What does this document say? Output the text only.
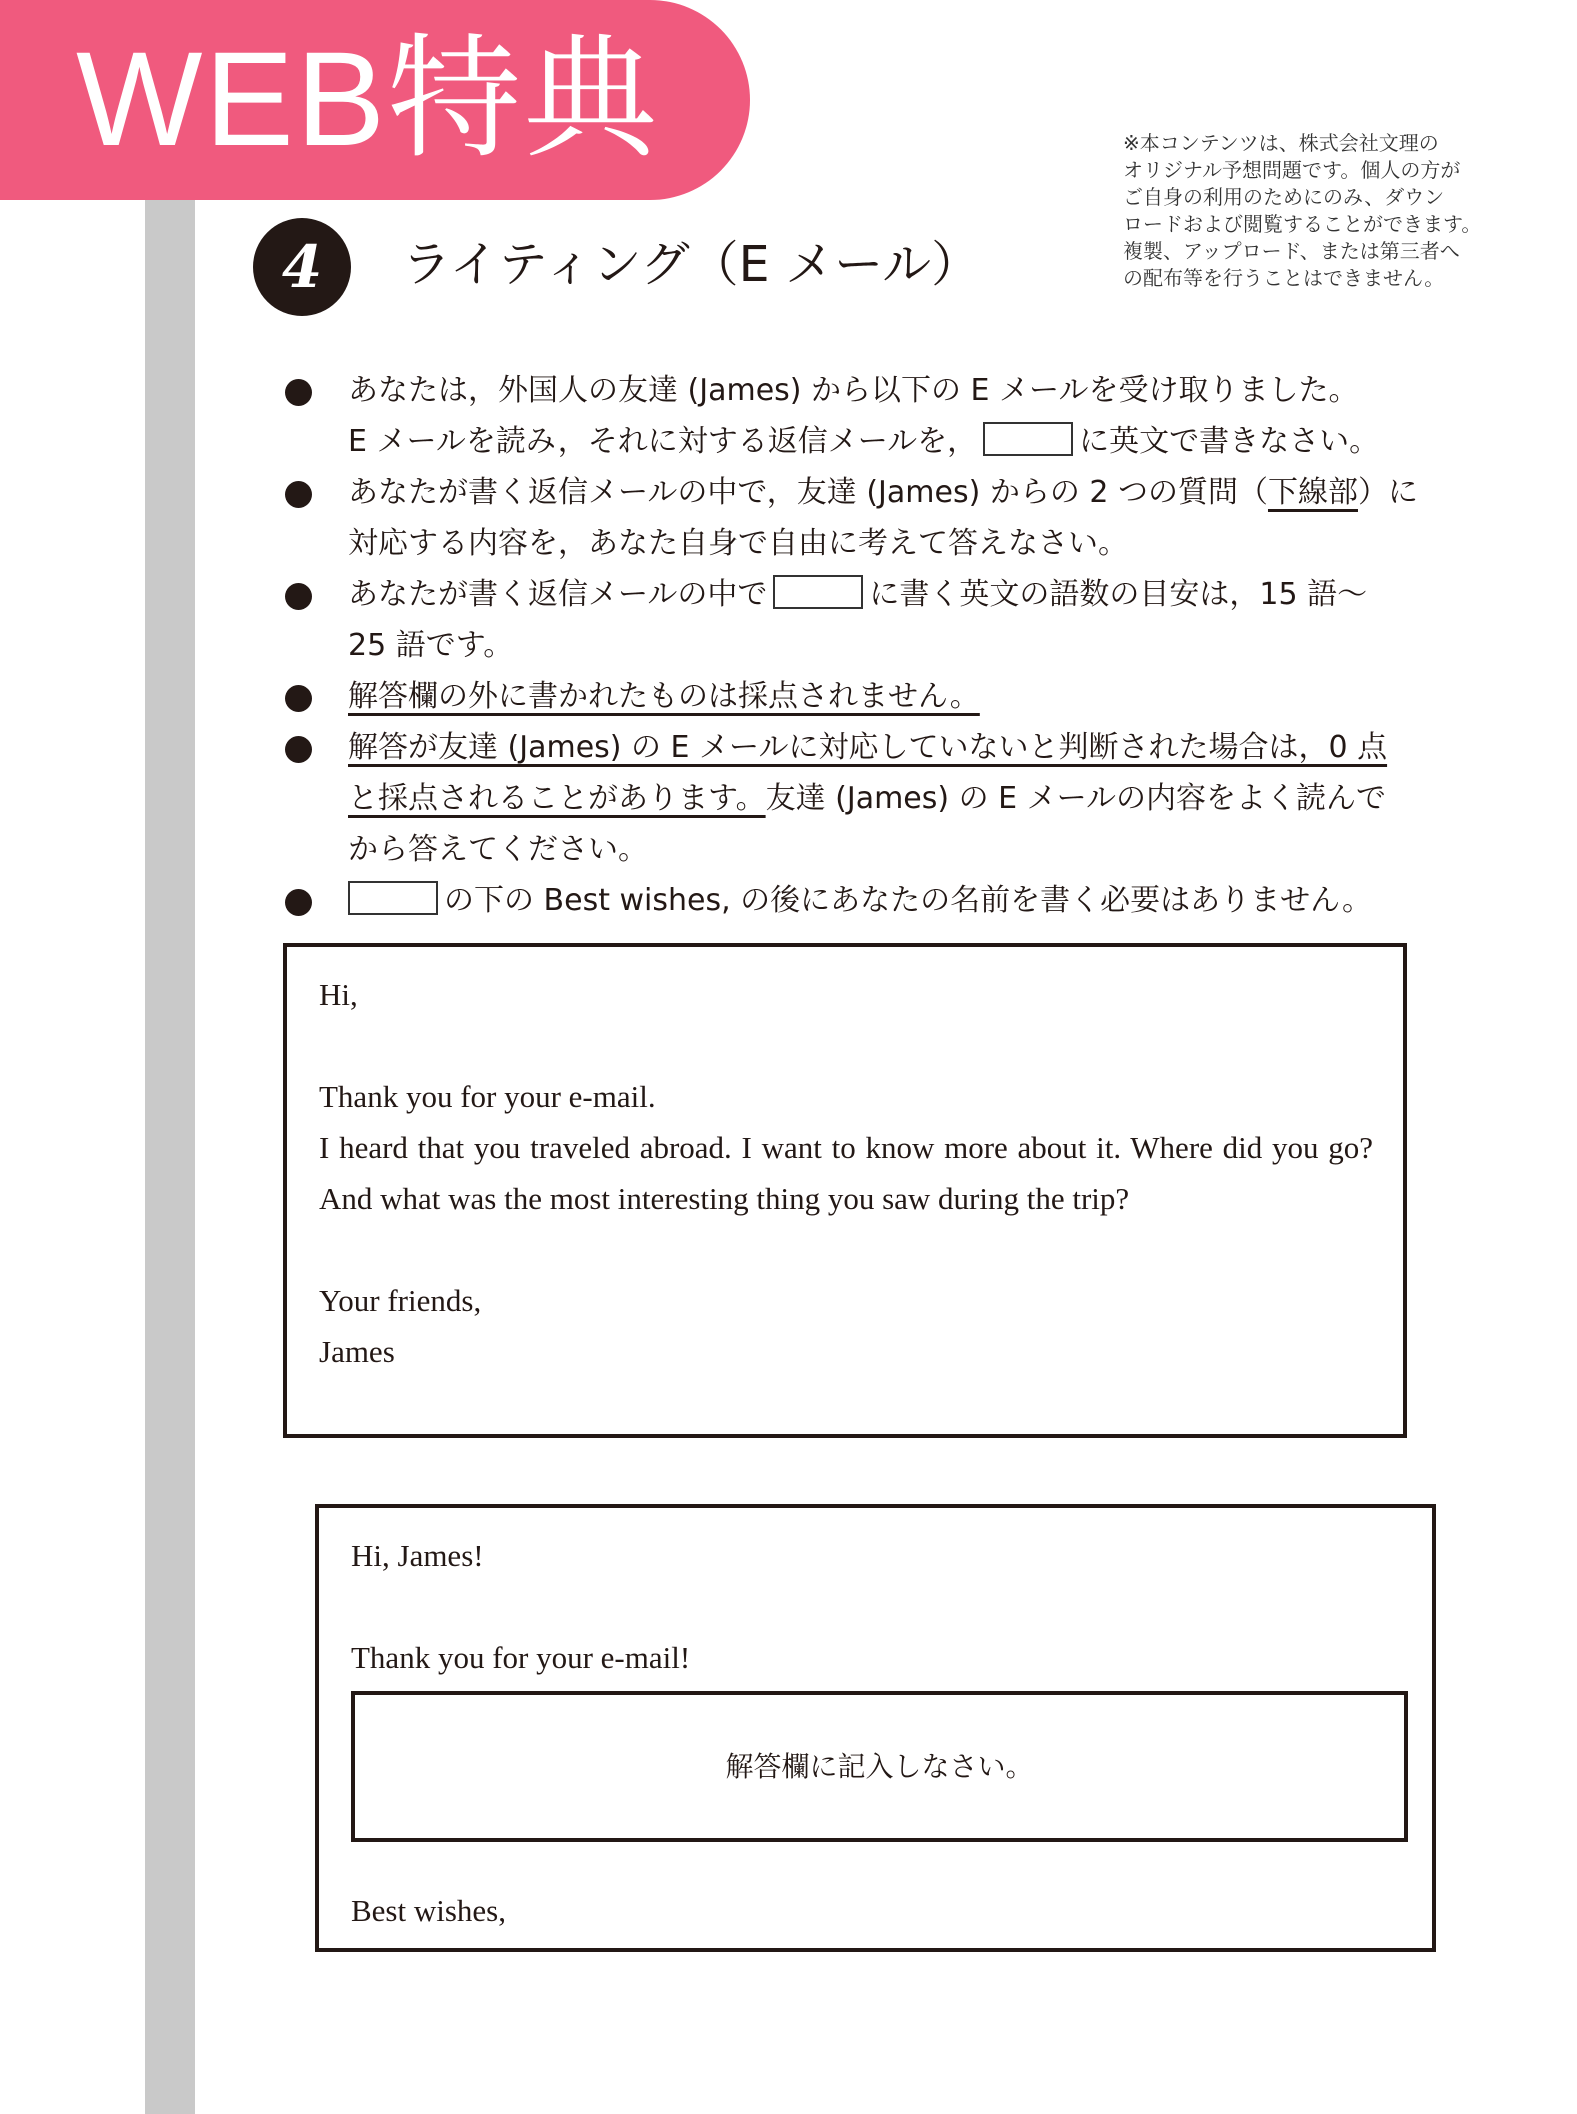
WEB特典	※本コンテンツは、株式会社文理の
オリジナル予想問題です。個人の方が
ご自身の利用のためにのみ、ダウン
ロードおよび閲覧することができます。
複製、アップロード、または第三者へ
の配布等を行うことはできません。
4	ライティング（E メール）
あなたは，外国人の友達 (James) から以下の E メールを受け取りました。
E メールを読み，それに対する返信メールを，	に英文で書きなさい。
あなたが書く返信メールの中で，友達 (James) からの 2 つの質問（下線部）に
対応する内容を，あなた自身で自由に考えて答えなさい。
あなたが書く返信メールの中で	に書く英文の語数の目安は，15 語～
25 語です。
解答欄の外に書かれたものは採点されません。
解答が友達 (James) の E メールに対応していないと判断された場合は，0 点
と採点されることがあります。友達 (James) の E メールの内容をよく読んで
から答えてください。
の下の Best wishes, の後にあなたの名前を書く必要はありません。
Hi,
Thank you for your e-mail.
I heard that you traveled abroad. I want to know more about it. Where did you go? And what was the most interesting thing you saw during the trip?
Your friends,
James
Hi, James!
Thank you for your e-mail!
解答欄に記入しなさい。
Best wishes,
